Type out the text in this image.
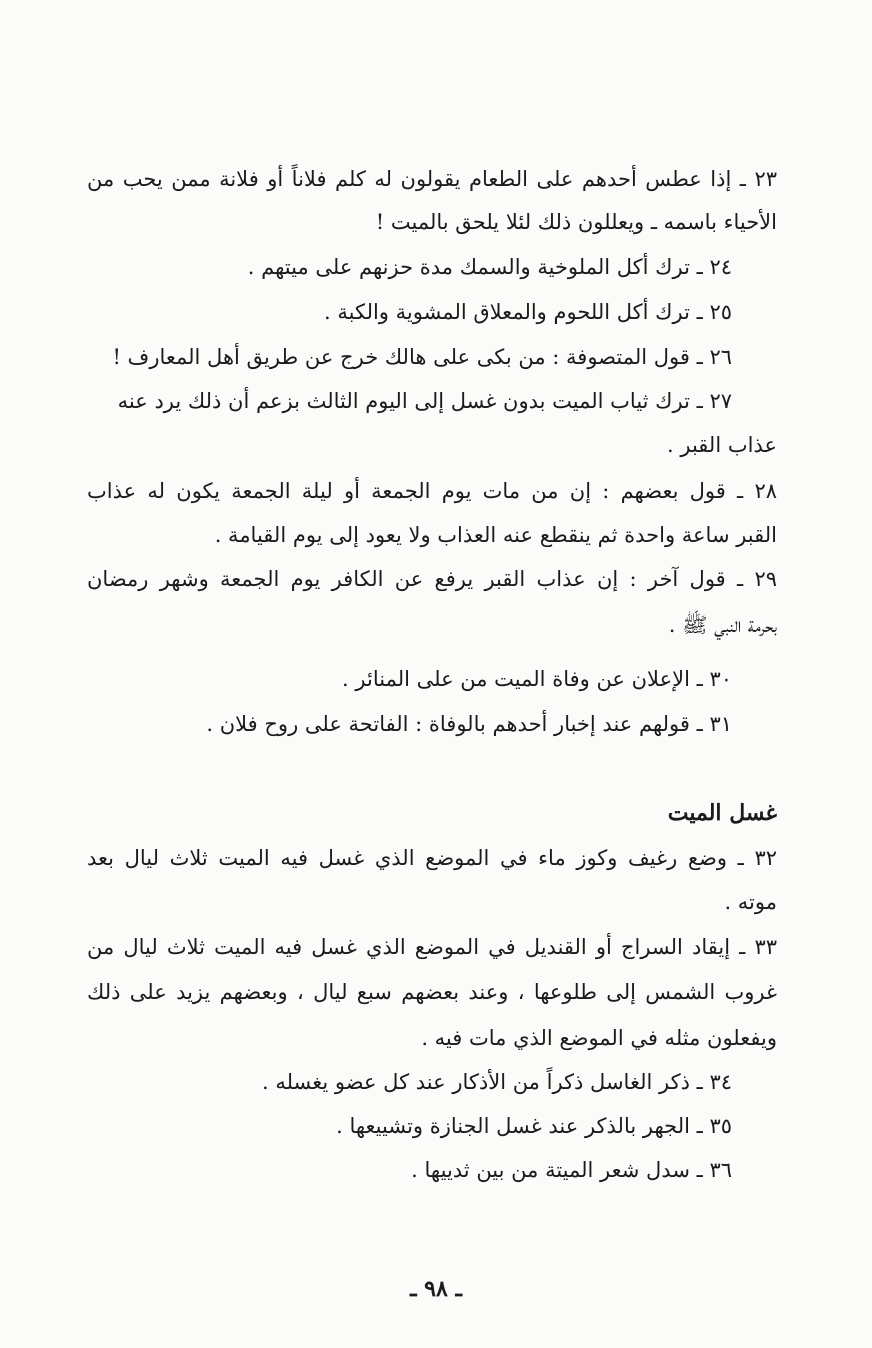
٢٣ ـ إذا عطس أحدهم على الطعام يقولون له كلم فلاناً أو فلانة ممن يحب من
الأحياء باسمه ـ ويعللون ذلك لئلا يلحق بالميت !
٢٤ ـ ترك أكل الملوخية والسمك مدة حزنهم على ميتهم .
٢٥ ـ ترك أكل اللحوم والمعلاق المشوية والكبة .
٢٦ ـ قول المتصوفة : من بكى على هالك خرج عن طريق أهل المعارف !
٢٧ ـ ترك ثياب الميت بدون غسل إلى اليوم الثالث بزعم أن ذلك يرد عنه
عذاب القبر .
٢٨ ـ قول بعضهم : إن من مات يوم الجمعة أو ليلة الجمعة يكون له عذاب
القبر ساعة واحدة ثم ينقطع عنه العذاب ولا يعود إلى يوم القيامة .
٢٩ ـ قول آخر : إن عذاب القبر يرفع عن الكافر يوم الجمعة وشهر رمضان
بحرمة النبي ﷺ .
٣٠ ـ الإعلان عن وفاة الميت من على المنائر .
٣١ ـ قولهم عند إخبار أحدهم بالوفاة : الفاتحة على روح فلان .
غسل الميت
٣٢ ـ وضع رغيف وكوز ماء في الموضع الذي غسل فيه الميت ثلاث ليال بعد
موته .
٣٣ ـ إيقاد السراج أو القنديل في الموضع الذي غسل فيه الميت ثلاث ليال من
غروب الشمس إلى طلوعها ، وعند بعضهم سبع ليال ، وبعضهم يزيد على ذلك
ويفعلون مثله في الموضع الذي مات فيه .
٣٤ ـ ذكر الغاسل ذكراً من الأذكار عند كل عضو يغسله .
٣٥ ـ الجهر بالذكر عند غسل الجنازة وتشييعها .
٣٦ ـ سدل شعر الميتة من بين ثدييها .
ـ ٩٨ ـ
